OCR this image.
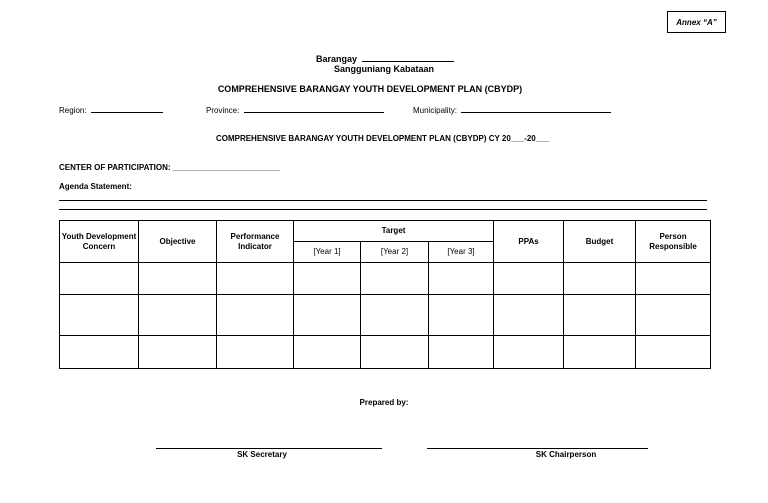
Annex “A”
Barangay
Sangguniang Kabataan
COMPREHENSIVE BARANGAY YOUTH DEVELOPMENT PLAN (CBYDP)
Region:	Province:	Municipality:
COMPREHENSIVE BARANGAY YOUTH DEVELOPMENT PLAN (CBYDP) CY 20___-20___
CENTER OF PARTICIPATION: ________________________
Agenda Statement:
Youth Development Concern	Objective	Performance Indicator	Target			PPAs	Budget	Person Responsible
			[Year 1]	[Year 2]	[Year 3]			

Prepared by:
SK Secretary	SK Chairperson
